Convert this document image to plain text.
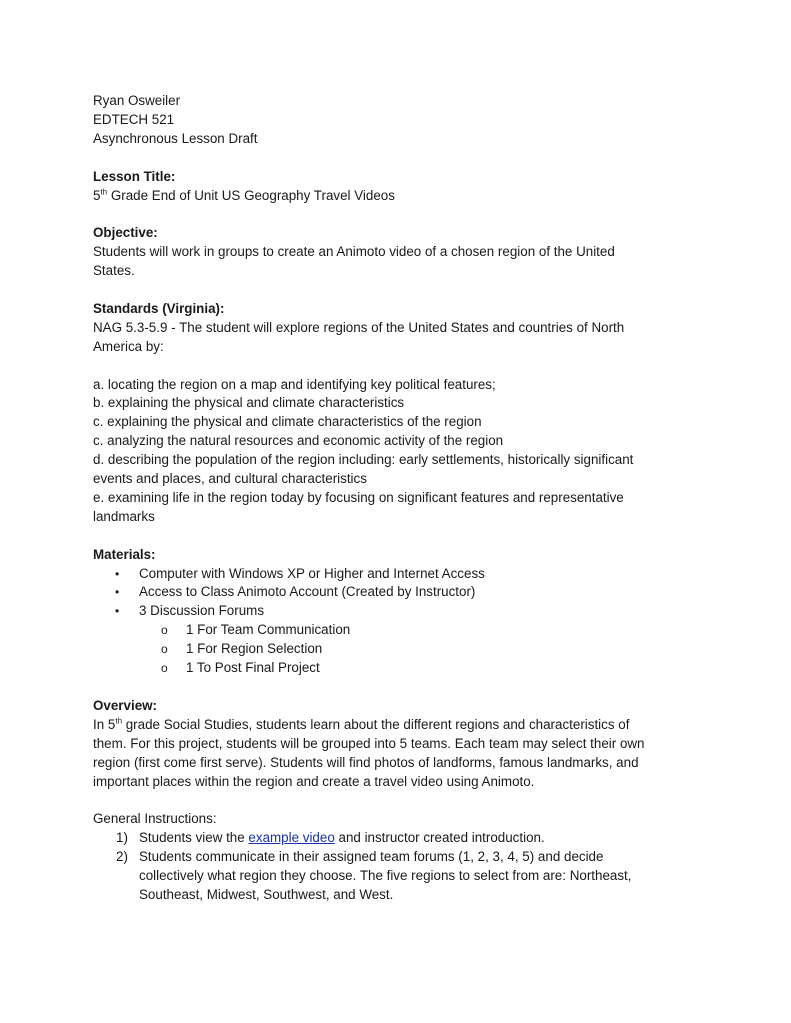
Ryan Osweiler

EDTECH 521

Asynchronous Lesson Draft

Lesson Title:

5th Grade End of Unit US Geography Travel Videos

Objective:

Students will work in groups to create an Animoto video of a chosen region of the United

States.

Standards (Virginia):

NAG 5.3-5.9 - The student will explore regions of the United States and countries of North

America by:

a. locating the region on a map and identifying key political features;

b. explaining the physical and climate characteristics

c. explaining the physical and climate characteristics of the region

c. analyzing the natural resources and economic activity of the region

d. describing the population of the region including: early settlements, historically significant

events and places, and cultural characteristics

e. examining life in the region today by focusing on significant features and representative

landmarks

Materials:

• Computer with Windows XP or Higher and Internet Access
• Access to Class Animoto Account (Created by Instructor)
• 3 Discussion Forums
o 1 For Team Communication
o 1 For Region Selection
o 1 To Post Final Project

Overview:

In 5th grade Social Studies, students learn about the different regions and characteristics of

them. For this project, students will be grouped into 5 teams. Each team may select their own

region (first come first serve). Students will find photos of landforms, famous landmarks, and

important places within the region and create a travel video using Animoto.

General Instructions:

1) Students view the example video and instructor created introduction.
2) Students communicate in their assigned team forums (1, 2, 3, 4, 5) and decide
collectively what region they choose. The five regions to select from are: Northeast,
Southeast, Midwest, Southwest, and West.
